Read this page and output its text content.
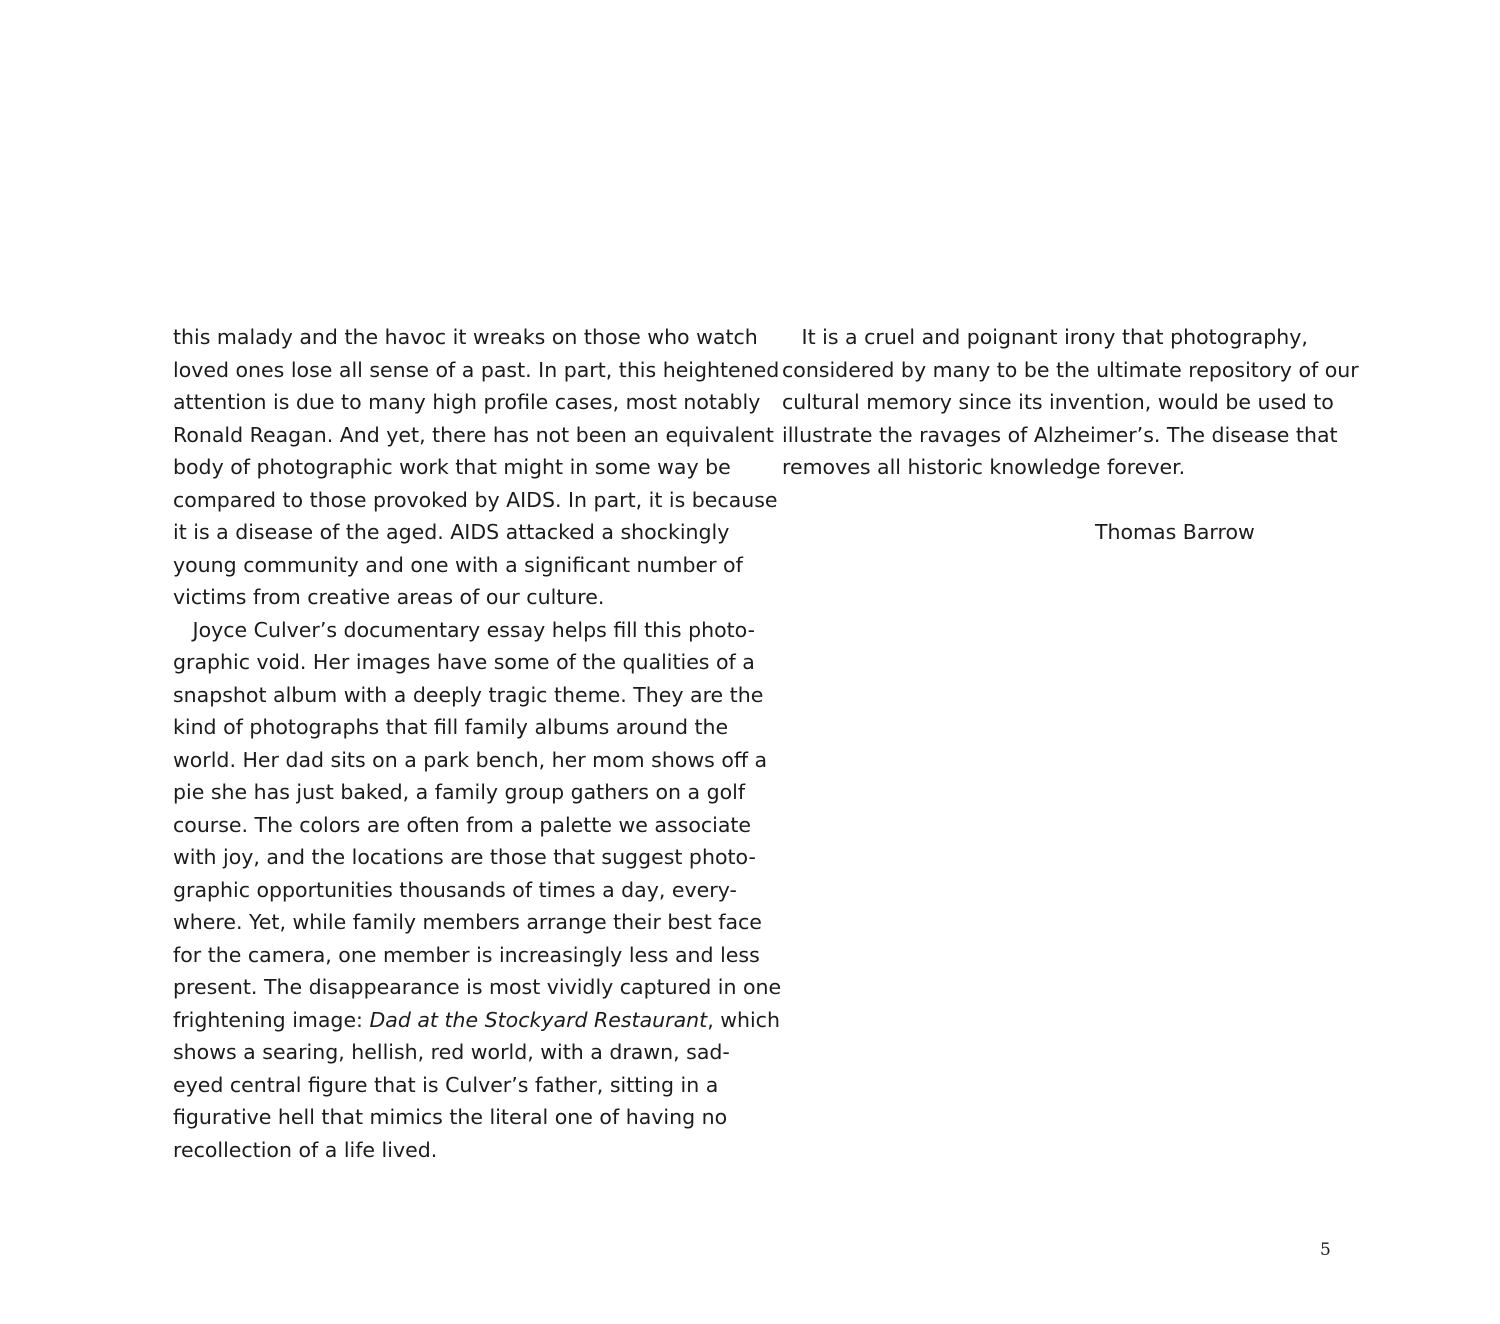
this malady and the havoc it wreaks on those who watch
loved ones lose all sense of a past. In part, this heightened
attention is due to many high profile cases, most notably
Ronald Reagan. And yet, there has not been an equivalent
body of photographic work that might in some way be
compared to those provoked by AIDS. In part, it is because
it is a disease of the aged. AIDS attacked a shockingly
young community and one with a significant number of
victims from creative areas of our culture.
Joyce Culver’s documentary essay helps fill this photo-
graphic void. Her images have some of the qualities of a
snapshot album with a deeply tragic theme. They are the
kind of photographs that fill family albums around the
world. Her dad sits on a park bench, her mom shows off a
pie she has just baked, a family group gathers on a golf
course. The colors are often from a palette we associate
with joy, and the locations are those that suggest photo-
graphic opportunities thousands of times a day, every-
where. Yet, while family members arrange their best face
for the camera, one member is increasingly less and less
present. The disappearance is most vividly captured in one
frightening image: Dad at the Stockyard Restaurant, which
shows a searing, hellish, red world, with a drawn, sad-
eyed central figure that is Culver’s father, sitting in a
figurative hell that mimics the literal one of having no
recollection of a life lived.
It is a cruel and poignant irony that photography,
considered by many to be the ultimate repository of our
cultural memory since its invention, would be used to
illustrate the ravages of Alzheimer’s. The disease that
removes all historic knowledge forever.
Thomas Barrow
5
